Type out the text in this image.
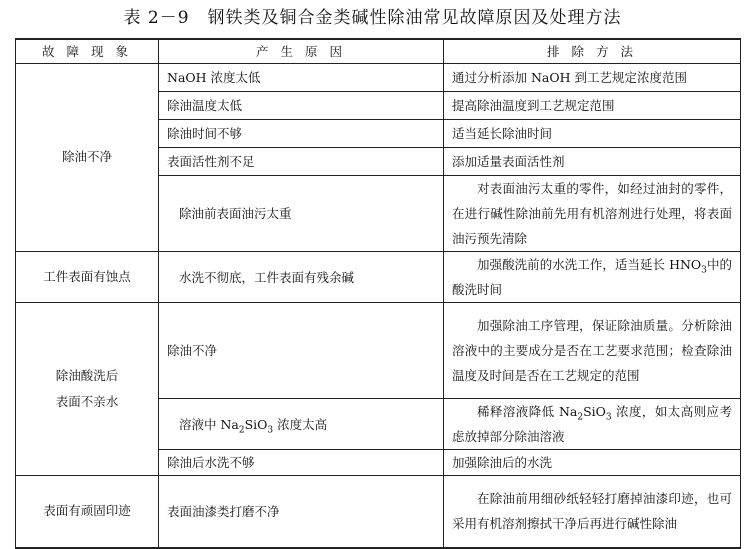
表 2－9 钢铁类及铜合金类碱性除油常见故障原因及处理方法
故 障 现 象	产 生 原 因	排 除 方 法
除油不净	NaOH 浓度太低	通过分析添加 NaOH 到工艺规定浓度范围
	除油温度太低	提高除油温度到工艺规定范围
	除油时间不够	适当延长除油时间
	表面活性剂不足	添加适量表面活性剂
	除油前表面油污太重	对表面油污太重的零件，如经过油封的零件，在进行碱性除油前先用有机溶剂进行处理，将表面油污预先清除

工件表面有蚀点	水洗不彻底，工件表面有残余碱	加强酸洗前的水洗工作，适当延长 $HNO_3$中的酸洗时间

除油酸洗后
表面不亲水	除油不净	加强除油工序管理，保证除油质量。分析除油溶液中的主要成分是否在工艺要求范围；检查除油温度及时间是否在工艺规定的范围

	溶液中 $Na_2SiO_3$ 浓度太高	稀释溶液降低 $Na_2SiO_3$ 浓度，如太高则应考虑放掉部分除油溶液

	除油后水洗不够	加强除油后的水洗
表面有顽固印迹	表面油漆类打磨不净	在除油前用细砂纸轻轻打磨掉油漆印迹，也可采用有机溶剂擦拭干净后再进行碱性除油
